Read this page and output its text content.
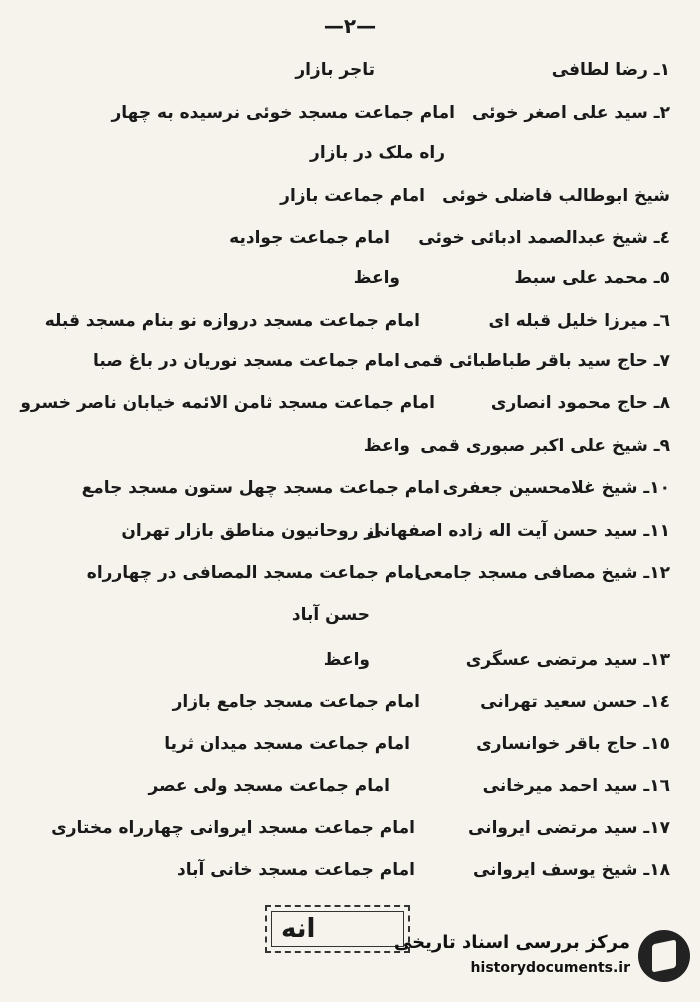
—٢—
۱ـ رضا لطافی
تاجر بازار
۲ـ سید علی اصغر خوئی
امام جماعت مسجد خوئی نرسیده به چهار
راه ملک در بازار
شیخ ابوطالب فاضلی خوئی
امام جماعت بازار
٤ـ شیخ عبدالصمد ادبائی خوئی
امام جماعت جوادیه
٥ـ محمد علی سبط
واعظ
٦ـ میرزا خلیل قبله ای
امام جماعت مسجد دروازه نو بنام مسجد قبله
۷ـ حاج سید باقر طباطبائی قمی
امام جماعت مسجد نوریان در باغ صبا
۸ـ حاج محمود انصاری
امام جماعت مسجد ثامن الائمه خیابان ناصر خسرو
۹ـ شیخ علی اکبر صبوری قمی
واعظ
۱۰ـ شیخ غلامحسین جعفری
امام جماعت مسجد چهل ستون مسجد جامع
۱۱ـ سید حسن آیت اله زاده اصفهانی
از روحانیون مناطق بازار تهران
۱۲ـ شیخ مصافی مسجد جامعی
امام جماعت مسجد المصافی در چهارراه
حسن آباد
۱۳ـ سید مرتضی عسگری
واعظ
۱٤ـ حسن سعید تهرانی
امام جماعت مسجد جامع بازار
۱٥ـ حاج باقر خوانساری
امام جماعت مسجد میدان ثریا
۱٦ـ سید احمد میرخانی
امام جماعت مسجد ولی عصر
۱۷ـ سید مرتضی ایروانی
امام جماعت مسجد ایروانی چهارراه مختاری
۱۸ـ شیخ یوسف ایروانی
امام جماعت مسجد خانی آباد
انه	مرکز بررسی اسناد تاریخی
historydocuments.ir
